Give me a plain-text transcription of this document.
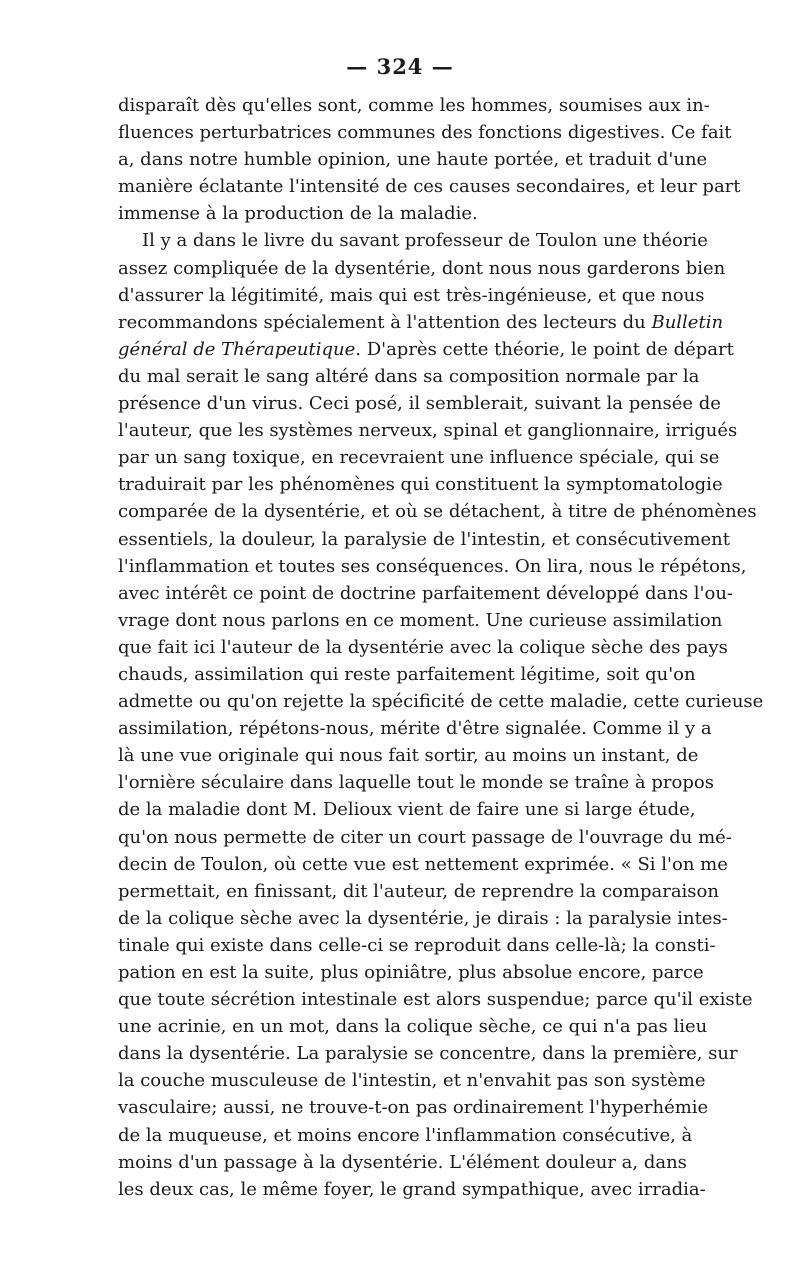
— 324 —
disparaît dès qu'elles sont, comme les hommes, soumises aux in-
fluences perturbatrices communes des fonctions digestives. Ce fait
a, dans notre humble opinion, une haute portée, et traduit d'une
manière éclatante l'intensité de ces causes secondaires, et leur part
immense à la production de la maladie.
Il y a dans le livre du savant professeur de Toulon une théorie
assez compliquée de la dysentérie, dont nous nous garderons bien
d'assurer la légitimité, mais qui est très-ingénieuse, et que nous
recommandons spécialement à l'attention des lecteurs du Bulletin
général de Thérapeutique. D'après cette théorie, le point de départ
du mal serait le sang altéré dans sa composition normale par la
présence d'un virus. Ceci posé, il semblerait, suivant la pensée de
l'auteur, que les systèmes nerveux, spinal et ganglionnaire, irrigués
par un sang toxique, en recevraient une influence spéciale, qui se
traduirait par les phénomènes qui constituent la symptomatologie
comparée de la dysentérie, et où se détachent, à titre de phénomènes
essentiels, la douleur, la paralysie de l'intestin, et consécutivement
l'inflammation et toutes ses conséquences. On lira, nous le répétons,
avec intérêt ce point de doctrine parfaitement développé dans l'ou-
vrage dont nous parlons en ce moment. Une curieuse assimilation
que fait ici l'auteur de la dysentérie avec la colique sèche des pays
chauds, assimilation qui reste parfaitement légitime, soit qu'on
admette ou qu'on rejette la spécificité de cette maladie, cette curieuse
assimilation, répétons-nous, mérite d'être signalée. Comme il y a
là une vue originale qui nous fait sortir, au moins un instant, de
l'ornière séculaire dans laquelle tout le monde se traîne à propos
de la maladie dont M. Delioux vient de faire une si large étude,
qu'on nous permette de citer un court passage de l'ouvrage du mé-
decin de Toulon, où cette vue est nettement exprimée. « Si l'on me
permettait, en finissant, dit l'auteur, de reprendre la comparaison
de la colique sèche avec la dysentérie, je dirais : la paralysie intes-
tinale qui existe dans celle-ci se reproduit dans celle-là; la consti-
pation en est la suite, plus opiniâtre, plus absolue encore, parce
que toute sécrétion intestinale est alors suspendue; parce qu'il existe
une acrinie, en un mot, dans la colique sèche, ce qui n'a pas lieu
dans la dysentérie. La paralysie se concentre, dans la première, sur
la couche musculeuse de l'intestin, et n'envahit pas son système
vasculaire; aussi, ne trouve-t-on pas ordinairement l'hyperhémie
de la muqueuse, et moins encore l'inflammation consécutive, à
moins d'un passage à la dysentérie. L'élément douleur a, dans
les deux cas, le même foyer, le grand sympathique, avec irradia-
